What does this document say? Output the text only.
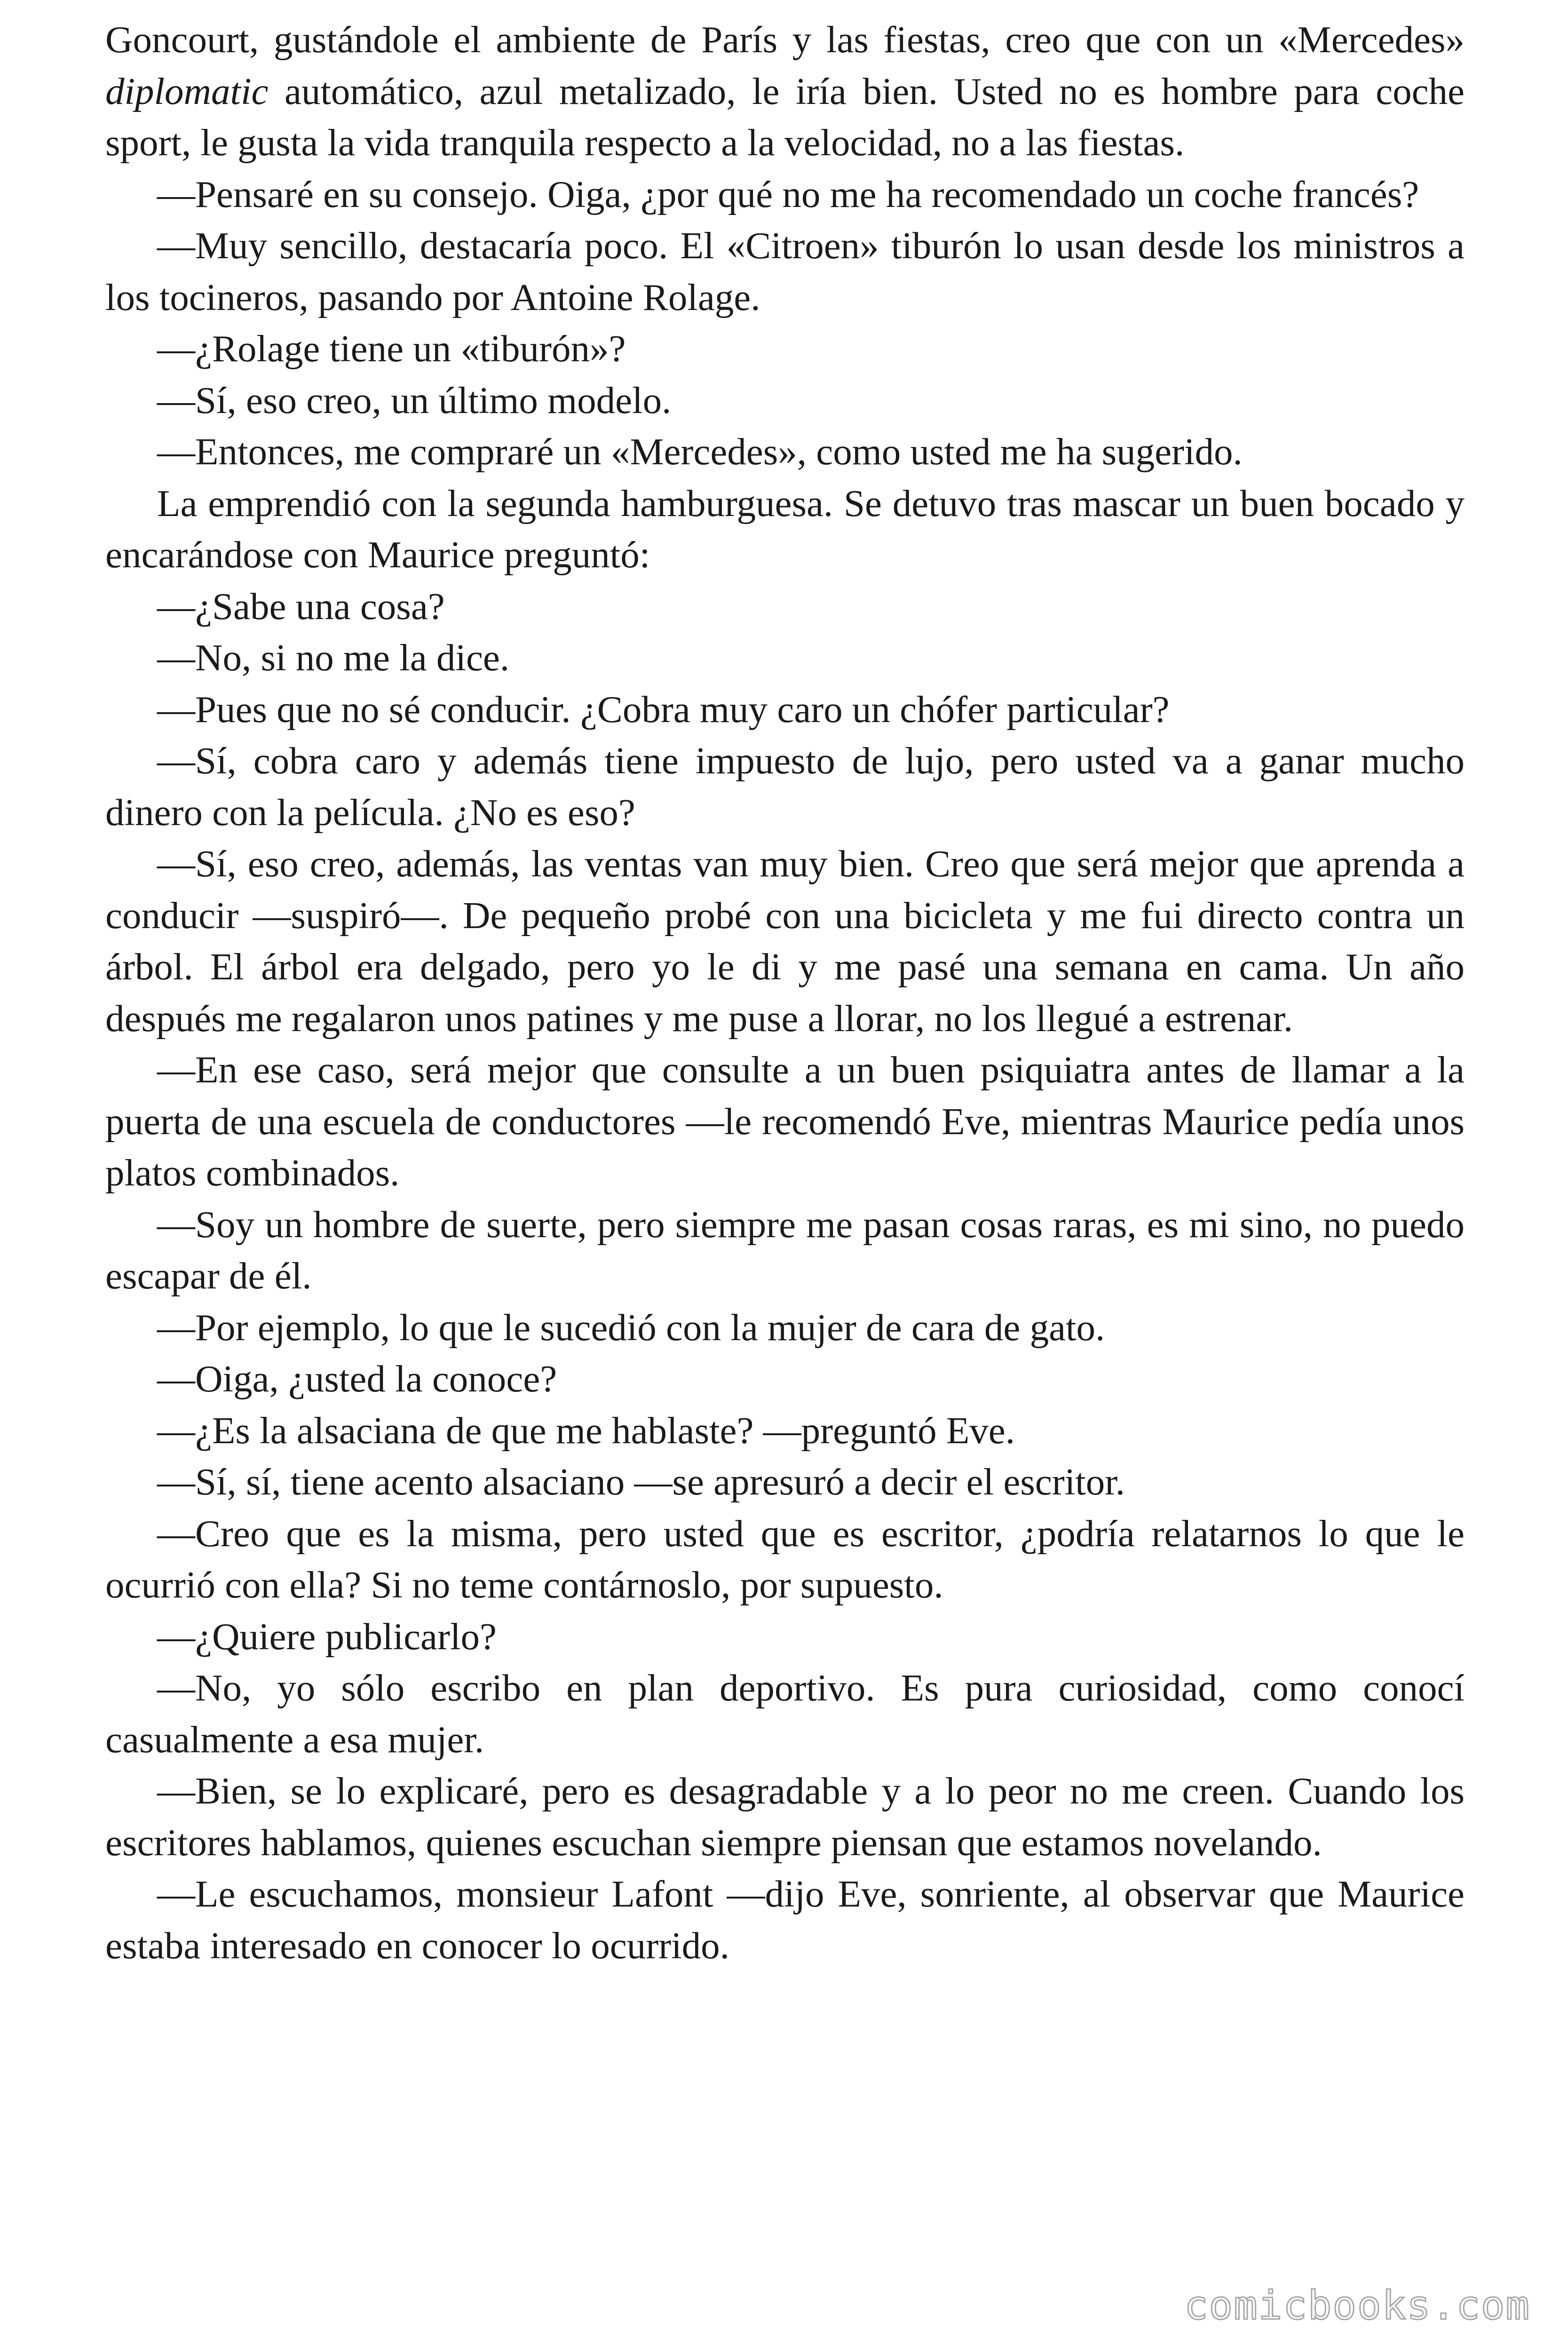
Goncourt, gustándole el ambiente de París y las fiestas, creo que con un «Mercedes» diplomatic automático, azul metalizado, le iría bien. Usted no es hombre para coche sport, le gusta la vida tranquila respecto a la velocidad, no a las fiestas.

—Pensaré en su consejo. Oiga, ¿por qué no me ha recomendado un coche francés?

—Muy sencillo, destacaría poco. El «Citroen» tiburón lo usan desde los ministros a los tocineros, pasando por Antoine Rolage.

—¿Rolage tiene un «tiburón»?

—Sí, eso creo, un último modelo.

—Entonces, me compraré un «Mercedes», como usted me ha sugerido.

La emprendió con la segunda hamburguesa. Se detuvo tras mascar un buen bocado y encarándose con Maurice preguntó:

—¿Sabe una cosa?

—No, si no me la dice.

—Pues que no sé conducir. ¿Cobra muy caro un chófer particular?

—Sí, cobra caro y además tiene impuesto de lujo, pero usted va a ganar mucho dinero con la película. ¿No es eso?

—Sí, eso creo, además, las ventas van muy bien. Creo que será mejor que aprenda a conducir —suspiró—. De pequeño probé con una bicicleta y me fui directo contra un árbol. El árbol era delgado, pero yo le di y me pasé una semana en cama. Un año después me regalaron unos patines y me puse a llorar, no los llegué a estrenar.

—En ese caso, será mejor que consulte a un buen psiquiatra antes de llamar a la puerta de una escuela de conductores —le recomendó Eve, mientras Maurice pedía unos platos combinados.

—Soy un hombre de suerte, pero siempre me pasan cosas raras, es mi sino, no puedo escapar de él.

—Por ejemplo, lo que le sucedió con la mujer de cara de gato.

—Oiga, ¿usted la conoce?

—¿Es la alsaciana de que me hablaste? —preguntó Eve.

—Sí, sí, tiene acento alsaciano —se apresuró a decir el escritor.

—Creo que es la misma, pero usted que es escritor, ¿podría relatarnos lo que le ocurrió con ella? Si no teme contárnoslo, por supuesto.

—¿Quiere publicarlo?

—No, yo sólo escribo en plan deportivo. Es pura curiosidad, como conocí casualmente a esa mujer.

—Bien, se lo explicaré, pero es desagradable y a lo peor no me creen. Cuando los escritores hablamos, quienes escuchan siempre piensan que estamos novelando.

—Le escuchamos, monsieur Lafont —dijo Eve, sonriente, al observar que Maurice estaba interesado en conocer lo ocurrido.

comicbooks.com
